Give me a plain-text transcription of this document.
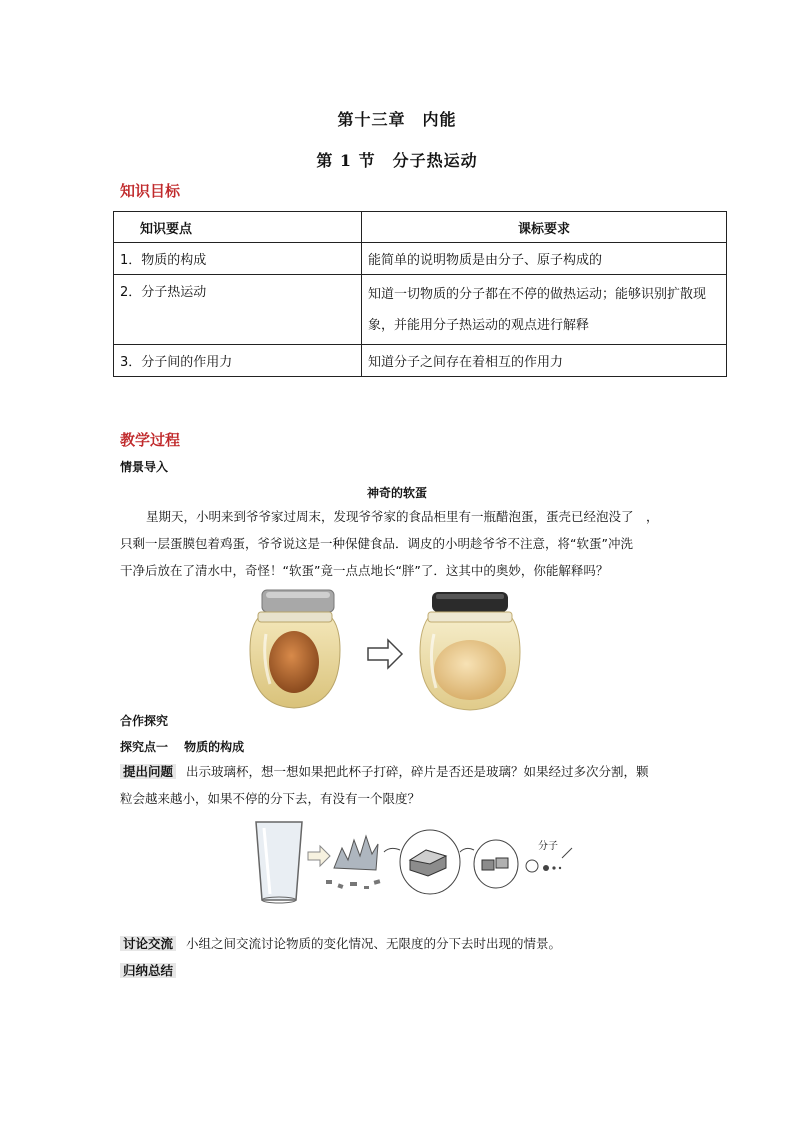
第十三章　内能
第 1 节　分子热运动
知识目标
知识要点	课标要求
1．物质的构成	能简单的说明物质是由分子、原子构成的
2．分子热运动	知道一切物质的分子都在不停的做热运动；能够识别扩散现
象，并能用分子热运动的观点进行解释

3．分子间的作用力	知道分子之间存在着相互的作用力
教学过程
情景导入
神奇的软蛋
星期天，小明来到爷爷家过周末，发现爷爷家的食品柜里有一瓶醋泡蛋，蛋壳已经泡没了　，
只剩一层蛋膜包着鸡蛋，爷爷说这是一种保健食品．调皮的小明趁爷爷不注意，将“软蛋”冲洗
干净后放在了清水中，奇怪！“软蛋”竟一点点地长“胖”了．这其中的奥妙，你能解释吗？
合作探究
探究点一　 物质的构成
提出问题 出示玻璃杯，想一想如果把此杯子打碎，碎片是否还是玻璃？如果经过多次分割，颗
粒会越来越小，如果不停的分下去，有没有一个限度？
分子
讨论交流 小组之间交流讨论物质的变化情况、无限度的分下去时出现的情景。
归纳总结
